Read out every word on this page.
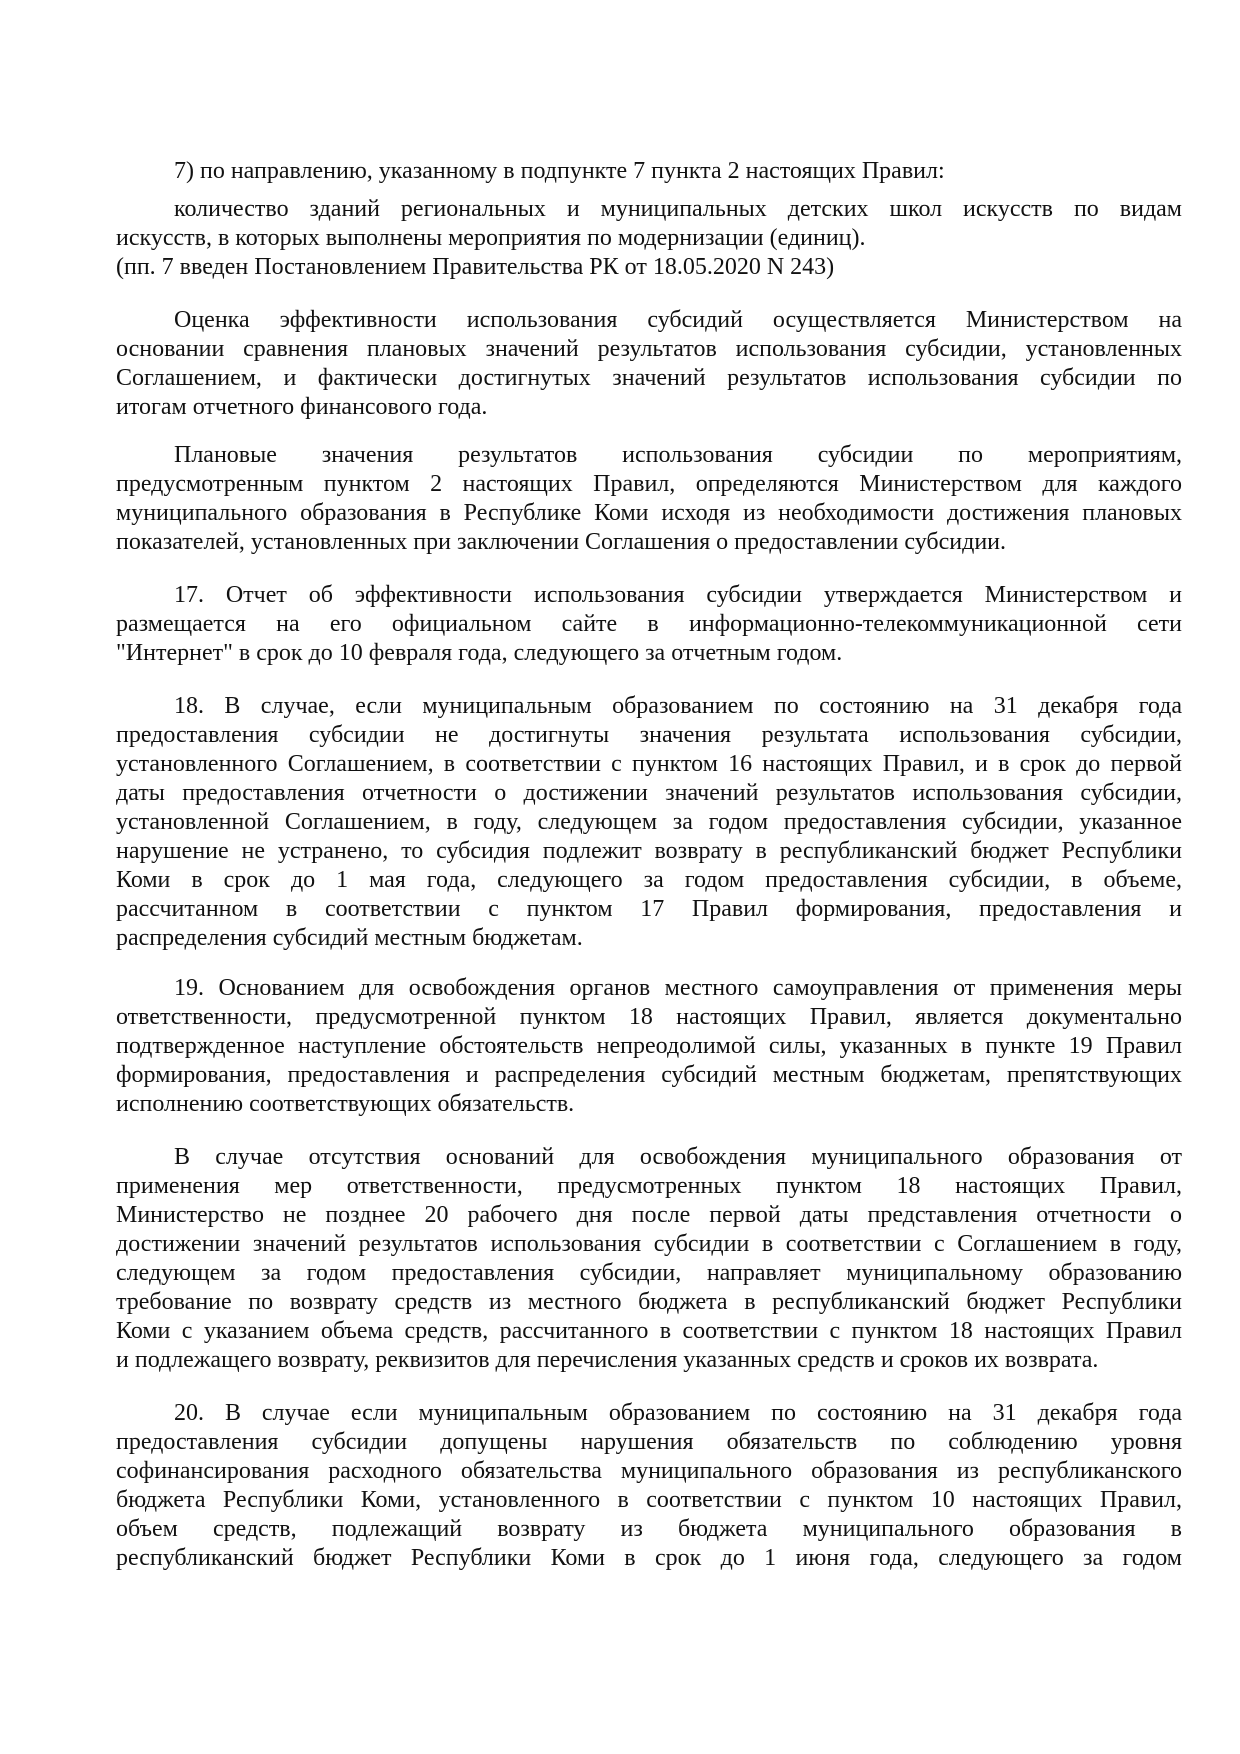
7) по направлению, указанному в подпункте 7 пункта 2 настоящих Правил:
количество зданий региональных и муниципальных детских школ искусств по видам
искусств, в которых выполнены мероприятия по модернизации (единиц).
(пп. 7 введен Постановлением Правительства РК от 18.05.2020 N 243)
Оценка эффективности использования субсидий осуществляется Министерством на
основании сравнения плановых значений результатов использования субсидии, установленных
Соглашением, и фактически достигнутых значений результатов использования субсидии по
итогам отчетного финансового года.
Плановые значения результатов использования субсидии по мероприятиям,
предусмотренным пунктом 2 настоящих Правил, определяются Министерством для каждого
муниципального образования в Республике Коми исходя из необходимости достижения плановых
показателей, установленных при заключении Соглашения о предоставлении субсидии.
17. Отчет об эффективности использования субсидии утверждается Министерством и
размещается на его официальном сайте в информационно-телекоммуникационной сети
"Интернет" в срок до 10 февраля года, следующего за отчетным годом.
18. В случае, если муниципальным образованием по состоянию на 31 декабря года
предоставления субсидии не достигнуты значения результата использования субсидии,
установленного Соглашением, в соответствии с пунктом 16 настоящих Правил, и в срок до первой
даты предоставления отчетности о достижении значений результатов использования субсидии,
установленной Соглашением, в году, следующем за годом предоставления субсидии, указанное
нарушение не устранено, то субсидия подлежит возврату в республиканский бюджет Республики
Коми в срок до 1 мая года, следующего за годом предоставления субсидии, в объеме,
рассчитанном в соответствии с пунктом 17 Правил формирования, предоставления и
распределения субсидий местным бюджетам.
19. Основанием для освобождения органов местного самоуправления от применения меры
ответственности, предусмотренной пунктом 18 настоящих Правил, является документально
подтвержденное наступление обстоятельств непреодолимой силы, указанных в пункте 19 Правил
формирования, предоставления и распределения субсидий местным бюджетам, препятствующих
исполнению соответствующих обязательств.
В случае отсутствия оснований для освобождения муниципального образования от
применения мер ответственности, предусмотренных пунктом 18 настоящих Правил,
Министерство не позднее 20 рабочего дня после первой даты представления отчетности о
достижении значений результатов использования субсидии в соответствии с Соглашением в году,
следующем за годом предоставления субсидии, направляет муниципальному образованию
требование по возврату средств из местного бюджета в республиканский бюджет Республики
Коми с указанием объема средств, рассчитанного в соответствии с пунктом 18 настоящих Правил
и подлежащего возврату, реквизитов для перечисления указанных средств и сроков их возврата.
20. В случае если муниципальным образованием по состоянию на 31 декабря года
предоставления субсидии допущены нарушения обязательств по соблюдению уровня
софинансирования расходного обязательства муниципального образования из республиканского
бюджета Республики Коми, установленного в соответствии с пунктом 10 настоящих Правил,
объем средств, подлежащий возврату из бюджета муниципального образования в
республиканский бюджет Республики Коми в срок до 1 июня года, следующего за годом
